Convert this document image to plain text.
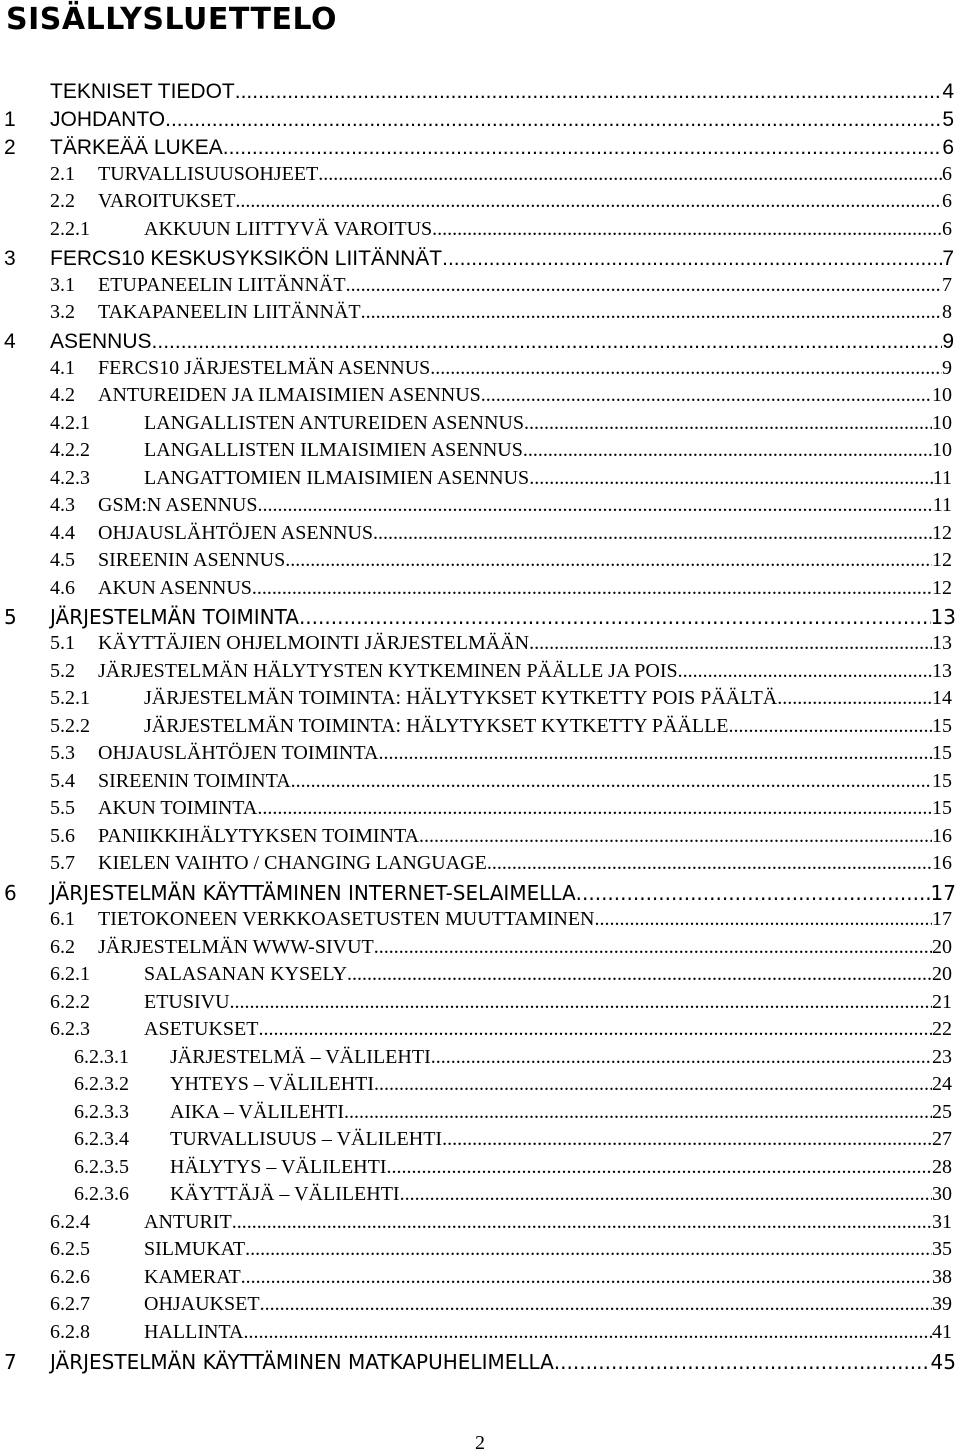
SISÄLLYSLUETTELO
TEKNISET TIEDOT .....	4
1	JOHDANTO .....	5
2	TÄRKEÄÄ LUKEA .....	6
2.1	TURVALLISUUSOHJEET .....	6
2.2	VAROITUKSET .....	6
2.2.1	AKKUUN LIITTYVÄ VAROITUS .....	6
3	FERCS10 KESKUSYKSIKÖN LIITÄNNÄT .....	7
3.1	ETUPANEELIN LIITÄNNÄT .....	7
3.2	TAKAPANEELIN LIITÄNNÄT .....	8
4	ASENNUS .....	9
4.1	FERCS10 JÄRJESTELMÄN ASENNUS .....	9
4.2	ANTUREIDEN JA ILMAISIMIEN ASENNUS .....	10
4.2.1	LANGALLISTEN ANTUREIDEN ASENNUS .....	10
4.2.2	LANGALLISTEN ILMAISIMIEN ASENNUS .....	10
4.2.3	LANGATTOMIEN ILMAISIMIEN ASENNUS .....	11
4.3	GSM:N ASENNUS .....	11
4.4	OHJAUSLÄHTÖJEN ASENNUS .....	12
4.5	SIREENIN ASENNUS .....	12
4.6	AKUN ASENNUS .....	12
5	JÄRJESTELMÄN TOIMINTA .....	13
5.1	KÄYTTÄJIEN OHJELMOINTI JÄRJESTELMÄÄN .....	13
5.2	JÄRJESTELMÄN HÄLYTYSTEN KYTKEMINEN PÄÄLLE JA POIS .....	13
5.2.1	JÄRJESTELMÄN TOIMINTA: HÄLYTYKSET KYTKETTY POIS PÄÄLTÄ .....	14
5.2.2	JÄRJESTELMÄN TOIMINTA: HÄLYTYKSET KYTKETTY PÄÄLLE .....	15
5.3	OHJAUSLÄHTÖJEN TOIMINTA .....	15
5.4	SIREENIN TOIMINTA .....	15
5.5	AKUN TOIMINTA .....	15
5.6	PANIIKKIHÄLYTYKSEN TOIMINTA .....	16
5.7	KIELEN VAIHTO / CHANGING LANGUAGE .....	16
6	JÄRJESTELMÄN KÄYTTÄMINEN INTERNET-SELAIMELLA .....	17
6.1	TIETOKONEEN VERKKOASETUSTEN MUUTTAMINEN .....	17
6.2	JÄRJESTELMÄN WWW-SIVUT .....	20
6.2.1	SALASANAN KYSELY .....	20
6.2.2	ETUSIVU .....	21
6.2.3	ASETUKSET .....	22
6.2.3.1	JÄRJESTELMÄ – VÄLILEHTI .....	23
6.2.3.2	YHTEYS – VÄLILEHTI .....	24
6.2.3.3	AIKA – VÄLILEHTI .....	25
6.2.3.4	TURVALLISUUS – VÄLILEHTI .....	27
6.2.3.5	HÄLYTYS – VÄLILEHTI .....	28
6.2.3.6	KÄYTTÄJÄ – VÄLILEHTI .....	30
6.2.4	ANTURIT .....	31
6.2.5	SILMUKAT .....	35
6.2.6	KAMERAT .....	38
6.2.7	OHJAUKSET .....	39
6.2.8	HALLINTA .....	41
7	JÄRJESTELMÄN KÄYTTÄMINEN MATKAPUHELIMELLA .....	45
2
